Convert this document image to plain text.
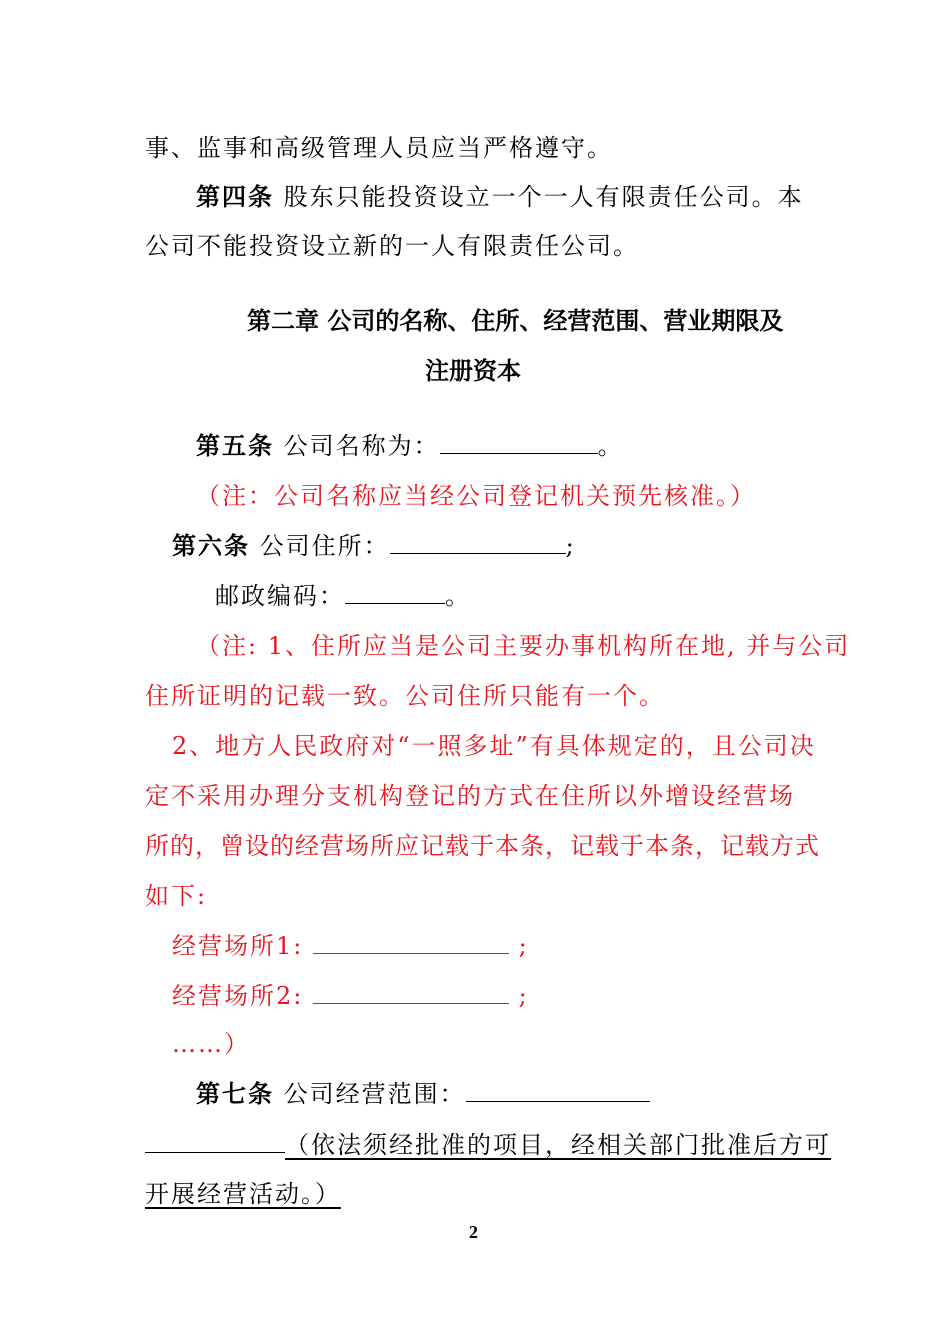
事、监事和高级管理人员应当严格遵守。
第四条 股东只能投资设立一个一人有限责任公司。本
公司不能投资设立新的一人有限责任公司。
第二章 公司的名称、住所、经营范围、营业期限及
注册资本
第五条 公司名称为：	。
（注：公司名称应当经公司登记机关预先核准。）
第六条 公司住所：	;
邮政编码：	。
（注: 1、住所应当是公司主要办事机构所在地, 并与公司
住所证明的记载一致。公司住所只能有一个。
2、地方人民政府对“一照多址”有具体规定的，且公司决
定不采用办理分支机构登记的方式在住所以外增设经营场
所的，曾设的经营场所应记载于本条，记载于本条，记载方式
如下:
经营场所1:	;
经营场所2:	;
……）
第七条 公司经营范围：
（依法须经批准的项目，经相关部门批准后方可
开展经营活动。）
2
